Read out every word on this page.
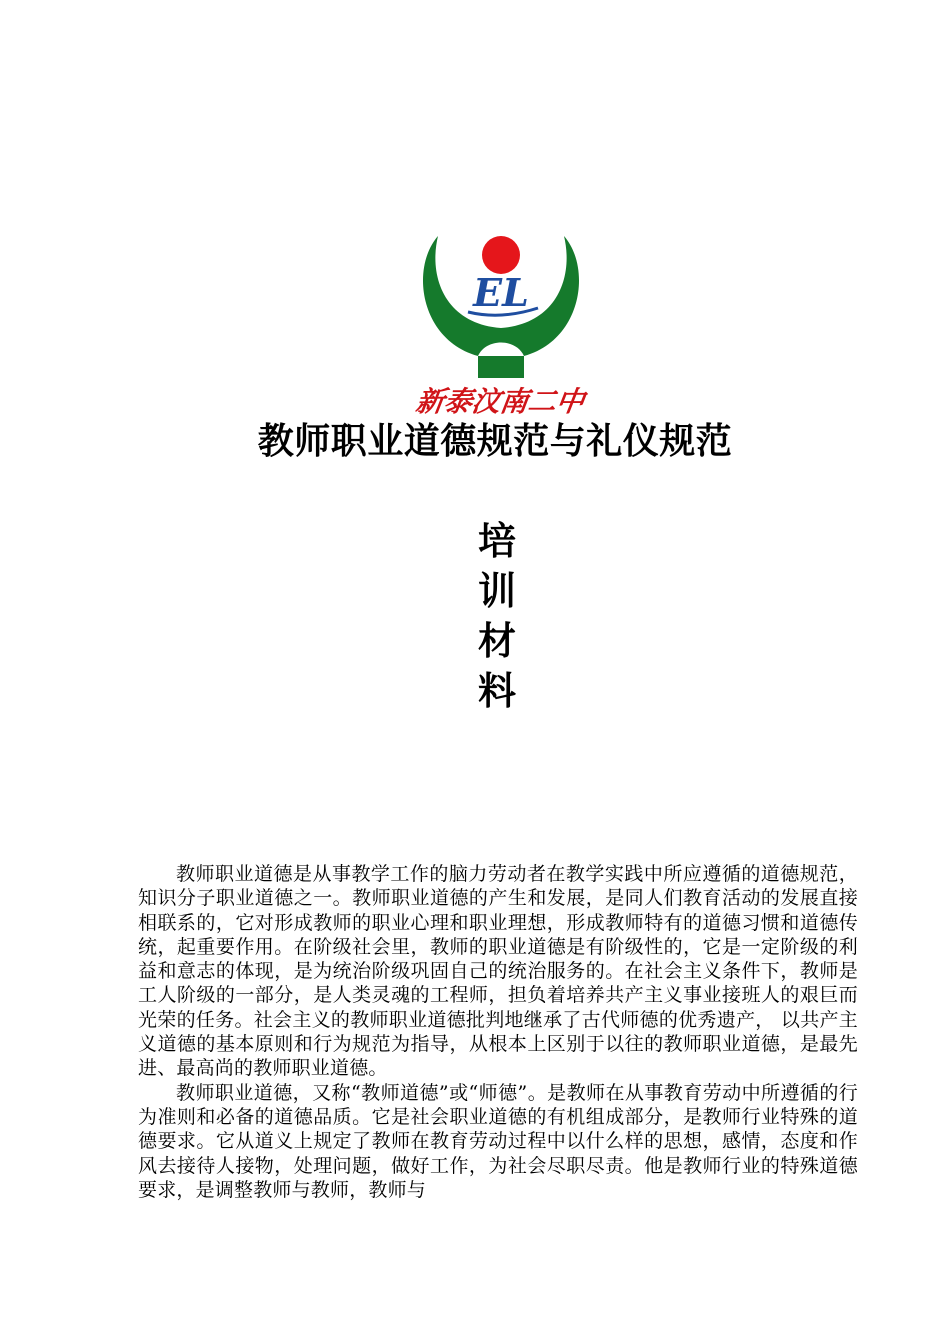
EL
新泰汶南二中
教师职业道德规范与礼仪规范
培
训
材
料

教师职业道德是从事教学工作的脑力劳动者在教学实践中所应遵循的道德规范，知识分子职业道德之一。教师职业道德的产生和发展，是同人们教育活动的发展直接相联系的，它对形成教师的职业心理和职业理想，形成教师特有的道德习惯和道德传统，起重要作用。在阶级社会里，教师的职业道德是有阶级性的，它是一定阶级的利益和意志的体现，是为统治阶级巩固自己的统治服务的。在社会主义条件下，教师是工人阶级的一部分，是人类灵魂的工程师，担负着培养共产主义事业接班人的艰巨而光荣的任务。社会主义的教师职业道德批判地继承了古代师德的优秀遗产， 以共产主义道德的基本原则和行为规范为指导，从根本上区别于以往的教师职业道德，是最先进、最高尚的教师职业道德。

教师职业道德，又称“教师道德”或“师德”。是教师在从事教育劳动中所遵循的行为准则和必备的道德品质。它是社会职业道德的有机组成部分，是教师行业特殊的道德要求。它从道义上规定了教师在教育劳动过程中以什么样的思想，感情，态度和作风去接待人接物，处理问题，做好工作，为社会尽职尽责。他是教师行业的特殊道德要求，是调整教师与教师，教师与
